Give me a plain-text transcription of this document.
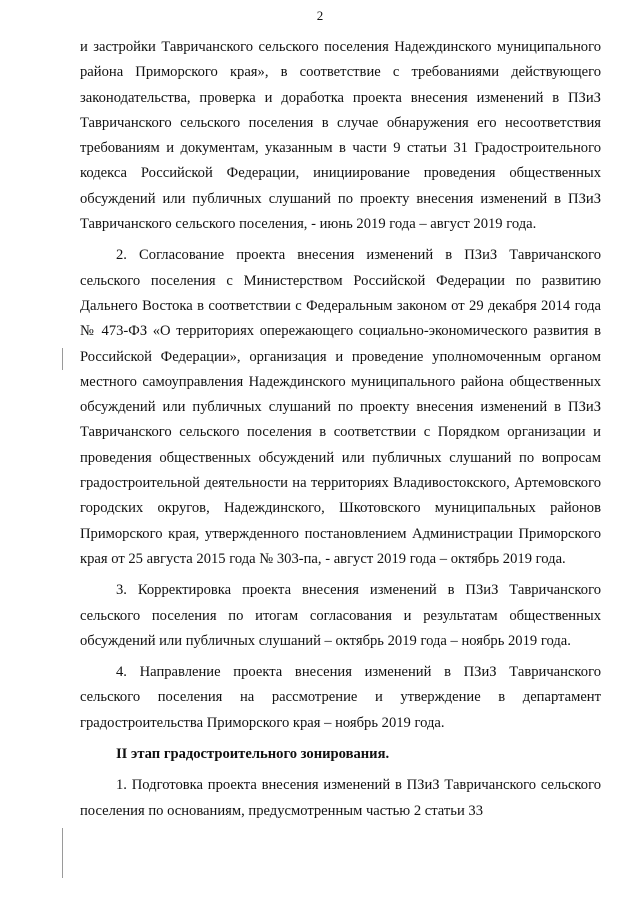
2

и застройки Тавричанского сельского поселения Надеждинского муниципального района Приморского края», в соответствие с требованиями действующего законодательства, проверка и доработка проекта внесения изменений в ПЗиЗ Тавричанского сельского поселения в случае обнаружения его несоответствия требованиям и документам, указанным в части 9 статьи 31 Градостроительного кодекса Российской Федерации, инициирование проведения общественных обсуждений или публичных слушаний по проекту внесения изменений в ПЗиЗ Тавричанского сельского поселения, - июнь 2019 года – август 2019 года.

2. Согласование проекта внесения изменений в ПЗиЗ Тавричанского сельского поселения с Министерством Российской Федерации по развитию Дальнего Востока в соответствии с Федеральным законом от 29 декабря 2014 года № 473-ФЗ «О территориях опережающего социально-экономического развития в Российской Федерации», организация и проведение уполномоченным органом местного самоуправления Надеждинского муниципального района общественных обсуждений или публичных слушаний по проекту внесения изменений в ПЗиЗ Тавричанского сельского поселения в соответствии с Порядком организации и проведения общественных обсуждений или публичных слушаний по вопросам градостроительной деятельности на территориях Владивостокского, Артемовского городских округов, Надеждинского, Шкотовского муниципальных районов Приморского края, утвержденного постановлением Администрации Приморского края от 25 августа 2015 года № 303-па, - август 2019 года – октябрь 2019 года.

3. Корректировка проекта внесения изменений в ПЗиЗ Тавричанского сельского поселения по итогам согласования и результатам общественных обсуждений или публичных слушаний – октябрь 2019 года – ноябрь 2019 года.

4. Направление проекта внесения изменений в ПЗиЗ Тавричанского сельского поселения на рассмотрение и утверждение в департамент градостроительства Приморского края – ноябрь 2019 года.

II этап градостроительного зонирования.

1. Подготовка проекта внесения изменений в ПЗиЗ Тавричанского сельского поселения по основаниям, предусмотренным частью 2 статьи 33
